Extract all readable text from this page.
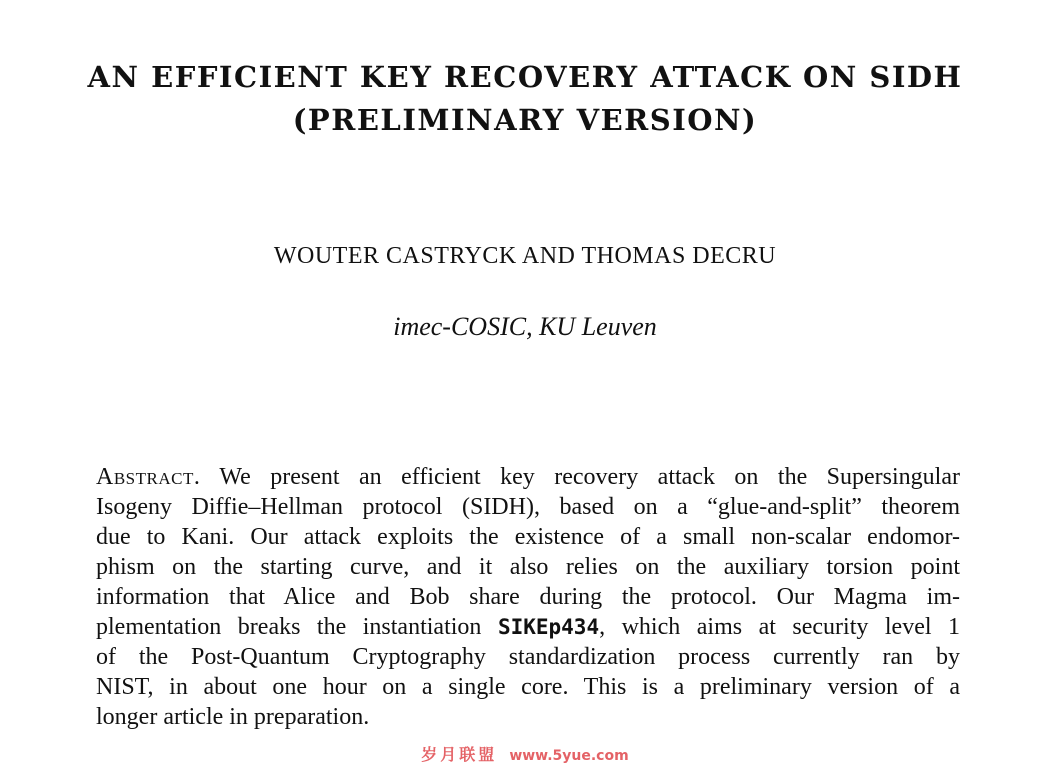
AN EFFICIENT KEY RECOVERY ATTACK ON SIDH
(PRELIMINARY VERSION)
WOUTER CASTRYCK AND THOMAS DECRU
imec-COSIC, KU Leuven
Abstract. We present an efficient key recovery attack on the Supersingular
Isogeny Diffie–Hellman protocol (SIDH), based on a “glue-and-split” theorem
due to Kani. Our attack exploits the existence of a small non-scalar endomor-
phism on the starting curve, and it also relies on the auxiliary torsion point
information that Alice and Bob share during the protocol. Our Magma im-
plementation breaks the instantiation SIKEp434, which aims at security level 1
of the Post-Quantum Cryptography standardization process currently ran by
NIST, in about one hour on a single core. This is a preliminary version of a
longer article in preparation.
岁月联盟 www.5yue.com
